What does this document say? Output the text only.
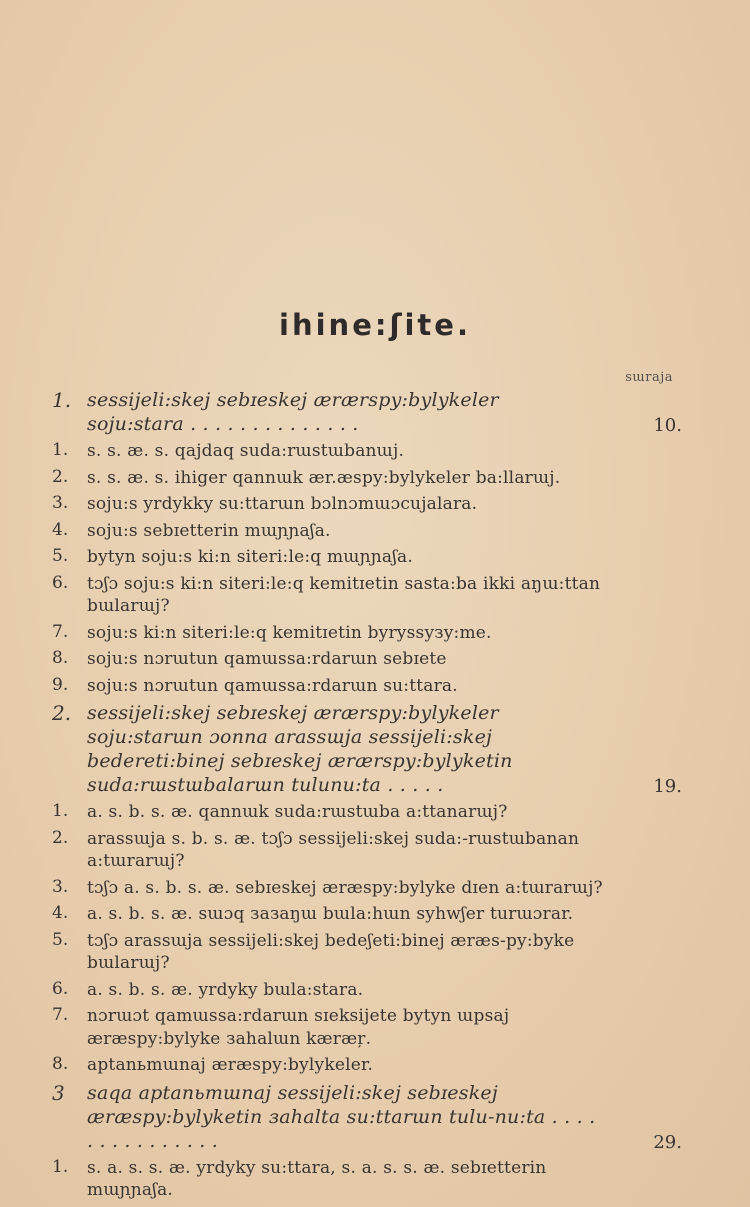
ihine:ʃite.
sɯraja
1. sessijeli:skej sebɪeskej ærærspy:bylykeler soju:stara . . . . . . . . . . . . . .	10.
1.	s. s. æ. s. qajdaq suda:rɯstɯbanɯj.
2.	s. s. æ. s. ihiger qannɯk ær.æspy:bylykeler ba:llarɯj.
3.	soju:s yrdykky su:ttarɯn bɔlnɔmɯɔcujalara.
4.	soju:s sebɪetterin mɯɲɲaʃa.
5.	bytyn soju:s ki:n siteri:le:q mɯɲɲaʃa.
6.	tɔʃɔ soju:s ki:n siteri:le:q kemitɪetin sasta:ba ikki aŋɯ:ttan bɯlarɯj?
7.	soju:s ki:n siteri:le:q kemitɪetin byryssyзy:me.
8.	soju:s nɔrɯtun qamɯssa:rdarɯn sebɪete
9.	soju:s nɔrɯtun qamɯssa:rdarɯn su:ttara.
2. sessijeli:skej sebɪeskej ærærspy:bylykeler soju:starɯn ɔonna arassɯja sessijeli:skej bedereti:binej sebɪeskej ærærspy:bylyketin suda:rɯstɯbalarɯn tulunu:ta . . . . .	19.
1.	a. s. b. s. æ. qannɯk suda:rɯstɯba a:ttanarɯj?
2.	arassɯja s. b. s. æ. tɔʃɔ sessijeli:skej suda:-rɯstɯbanan a:tɯrarɯj?
3.	tɔʃɔ a. s. b. s. æ. sebɪeskej æræspy:bylyke dɪen a:tɯrarɯj?
4.	a. s. b. s. æ. sɯɔq зазаŋɯ bɯla:hɯn syhwʃer turɯɔrar.
5.	tɔʃɔ arassɯja sessijeli:skej bedeʃeti:binej æræs-py:byke bɯlarɯj?
6.	a. s. b. s. æ. yrdyky bɯla:stara.
7.	nɔrɯɔt qamɯssa:rdarɯn sɪeksijete bytyn ɯpsaj æræspy:bylyke заhalɯn kæræŗ.
8.	aptanьmɯnaj æræspy:bylykeler.
3	saqa aptanьmɯnaj sessijeli:skej sebɪeskej æræspy:bylyketin заhalta su:ttarɯn tulu-nu:ta . . . . . . . . . . . . . . .	29.
1.	s. a. s. s. æ. yrdyky su:ttara, s. a. s. s. æ. sebɪetterin mɯɲɲaʃa.
